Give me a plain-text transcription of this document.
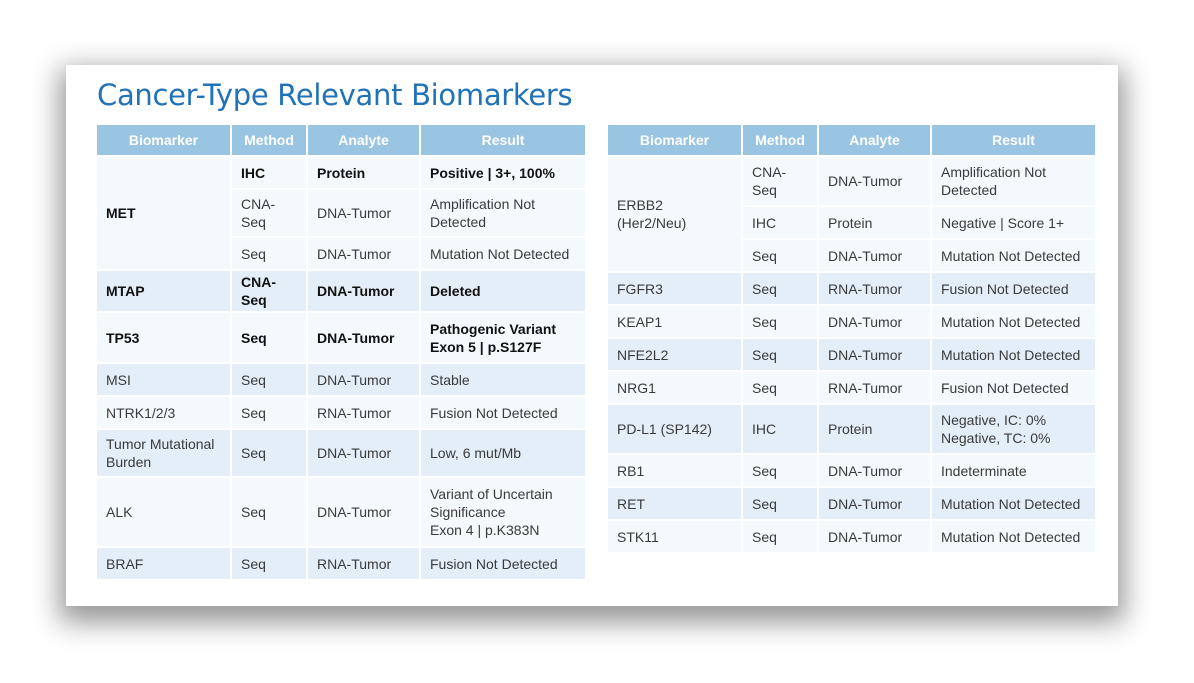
Cancer-Type Relevant Biomarkers
Biomarker	Method	Analyte	Result
MET	IHC	Protein	Positive | 3+, 100%
	CNA-Seq	DNA-Tumor	Amplification Not Detected
	Seq	DNA-Tumor	Mutation Not Detected
MTAP	CNA-Seq	DNA-Tumor	Deleted
TP53	Seq	DNA-Tumor	Pathogenic Variant
Exon 5 | p.S127F
MSI	Seq	DNA-Tumor	Stable
NTRK1/2/3	Seq	RNA-Tumor	Fusion Not Detected
Tumor Mutational Burden	Seq	DNA-Tumor	Low, 6 mut/Mb
ALK	Seq	DNA-Tumor	Variant of Uncertain Significance
Exon 4 | p.K383N
BRAF	Seq	RNA-Tumor	Fusion Not Detected
Biomarker	Method	Analyte	Result
ERBB2 (Her2/Neu)	CNA-Seq	DNA-Tumor	Amplification Not Detected
	IHC	Protein	Negative | Score 1+
	Seq	DNA-Tumor	Mutation Not Detected
FGFR3	Seq	RNA-Tumor	Fusion Not Detected
KEAP1	Seq	DNA-Tumor	Mutation Not Detected
NFE2L2	Seq	DNA-Tumor	Mutation Not Detected
NRG1	Seq	RNA-Tumor	Fusion Not Detected
PD-L1 (SP142)	IHC	Protein	Negative, IC: 0%
Negative, TC: 0%
RB1	Seq	DNA-Tumor	Indeterminate
RET	Seq	DNA-Tumor	Mutation Not Detected
STK11	Seq	DNA-Tumor	Mutation Not Detected
